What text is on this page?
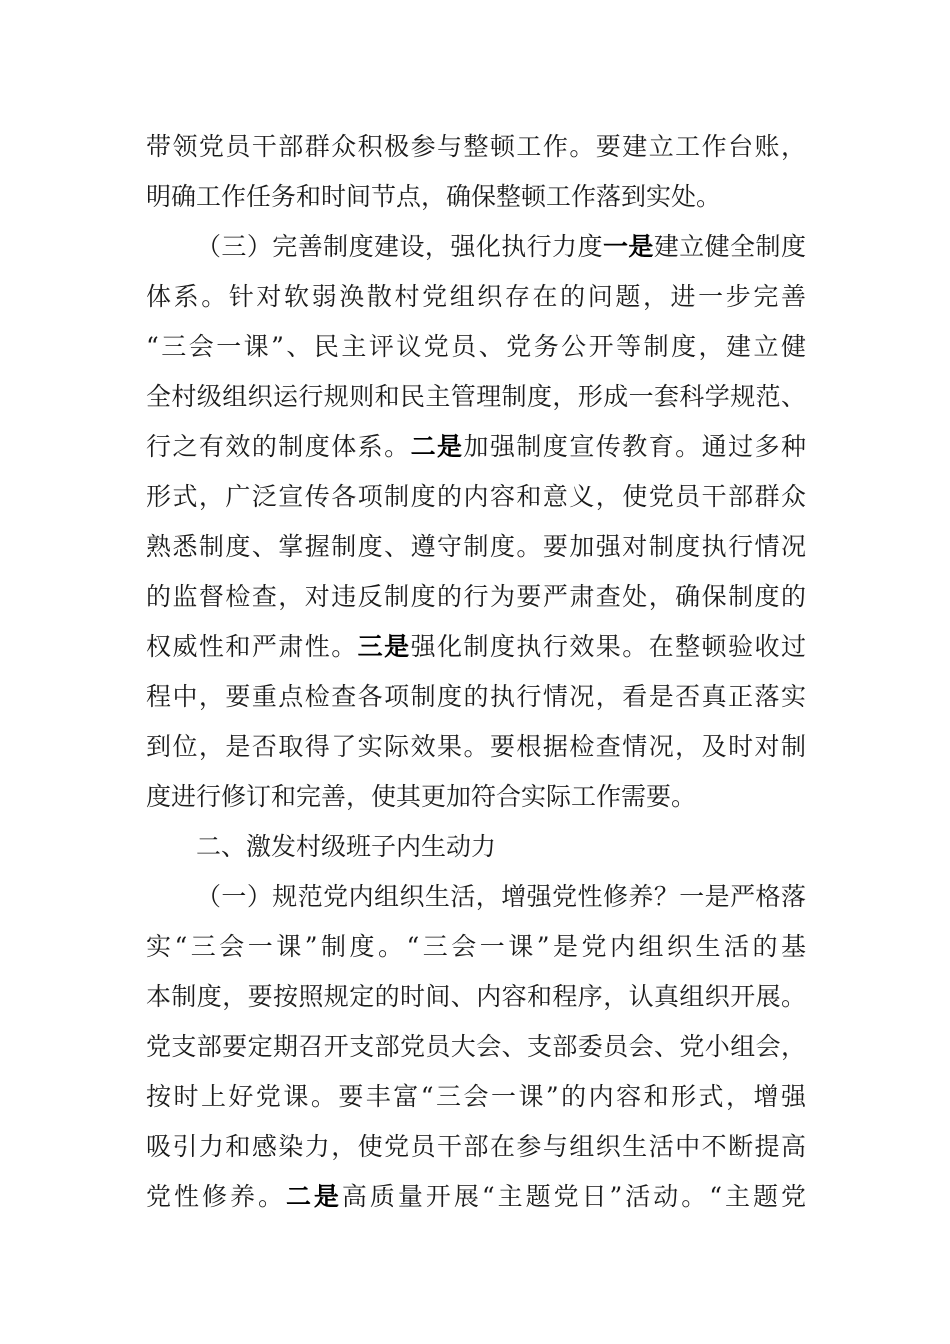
带领党员干部群众积极参与整顿工作。要建立工作台账，
明确工作任务和时间节点，确保整顿工作落到实处。
（三）完善制度建设，强化执行力度一是建立健全制度
体系。针对软弱涣散村党组织存在的问题，进一步完善
“三会一课”、民主评议党员、党务公开等制度，建立健
全村级组织运行规则和民主管理制度，形成一套科学规范、
行之有效的制度体系。二是加强制度宣传教育。通过多种
形式，广泛宣传各项制度的内容和意义，使党员干部群众
熟悉制度、掌握制度、遵守制度。要加强对制度执行情况
的监督检查，对违反制度的行为要严肃查处，确保制度的
权威性和严肃性。三是强化制度执行效果。在整顿验收过
程中，要重点检查各项制度的执行情况，看是否真正落实
到位，是否取得了实际效果。要根据检查情况，及时对制
度进行修订和完善，使其更加符合实际工作需要。
二、激发村级班子内生动力
（一）规范党内组织生活，增强党性修养？一是严格落
实“三会一课”制度。“三会一课”是党内组织生活的基
本制度，要按照规定的时间、内容和程序，认真组织开展。
党支部要定期召开支部党员大会、支部委员会、党小组会，
按时上好党课。要丰富“三会一课”的内容和形式，增强
吸引力和感染力，使党员干部在参与组织生活中不断提高
党性修养。二是高质量开展“主题党日”活动。“主题党
